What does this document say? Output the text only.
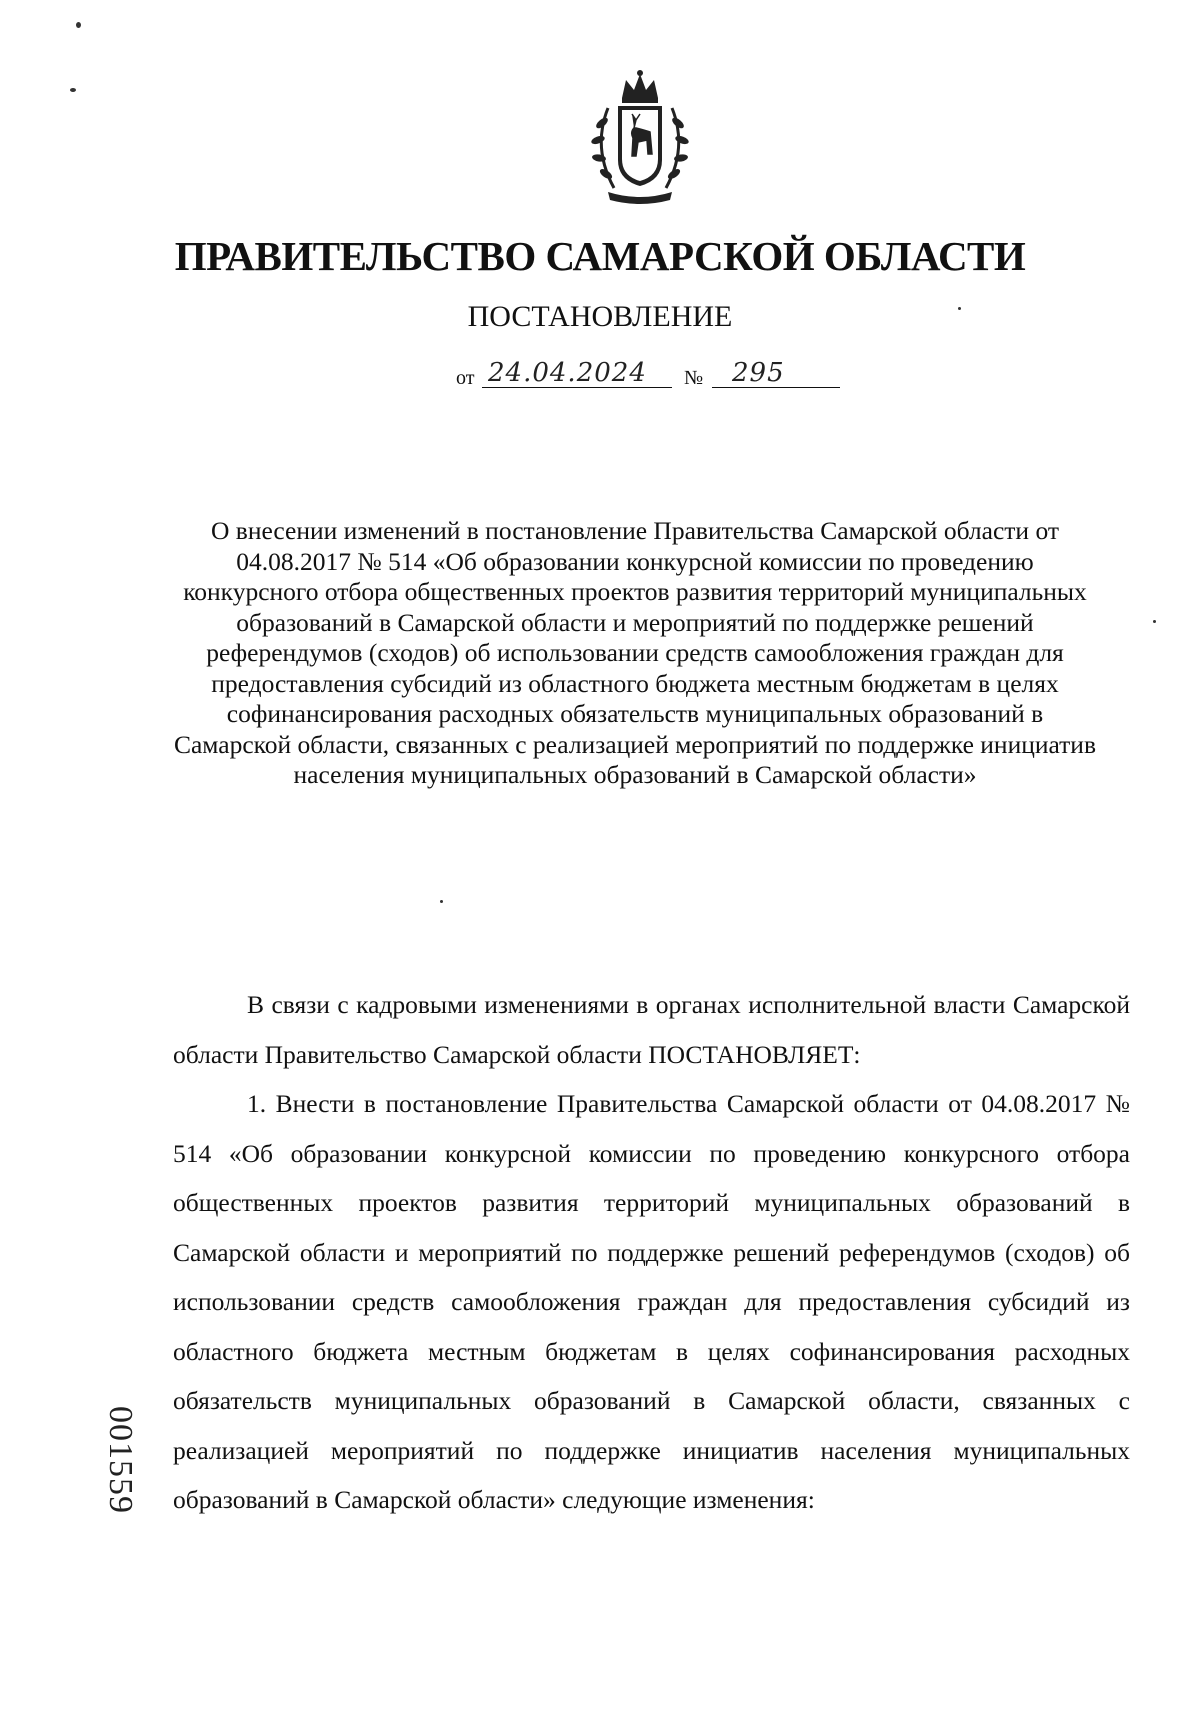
ПРАВИТЕЛЬСТВО САМАРСКОЙ ОБЛАСТИ
ПОСТАНОВЛЕНИЕ
от 24.04.2024 № 295
О внесении изменений в постановление Правительства Самарской области от 04.08.2017 № 514 «Об образовании конкурсной комиссии по проведению конкурсного отбора общественных проектов развития территорий муниципальных образований в Самарской области и мероприятий по поддержке решений референдумов (сходов) об использовании средств самообложения граждан для предоставления субсидий из областного бюджета местным бюджетам в целях софинансирования расходных обязательств муниципальных образований в Самарской области, связанных с реализацией мероприятий по поддержке инициатив населения муниципальных образований в Самарской области»

В связи с кадровыми изменениями в органах исполнительной власти Самарской области Правительство Самарской области ПОСТАНОВЛЯЕТ:

1. Внести в постановление Правительства Самарской области от 04.08.2017 № 514 «Об образовании конкурсной комиссии по проведению конкурсного отбора общественных проектов развития территорий муниципальных образований в Самарской области и мероприятий по поддержке решений референдумов (сходов) об использовании средств самообложения граждан для предоставления субсидий из областного бюджета местным бюджетам в целях софинансирования расходных обязательств муниципальных образований в Самарской области, связанных с реализацией мероприятий по поддержке инициатив населения муниципальных образований в Самарской области» следующие изменения:

001559
